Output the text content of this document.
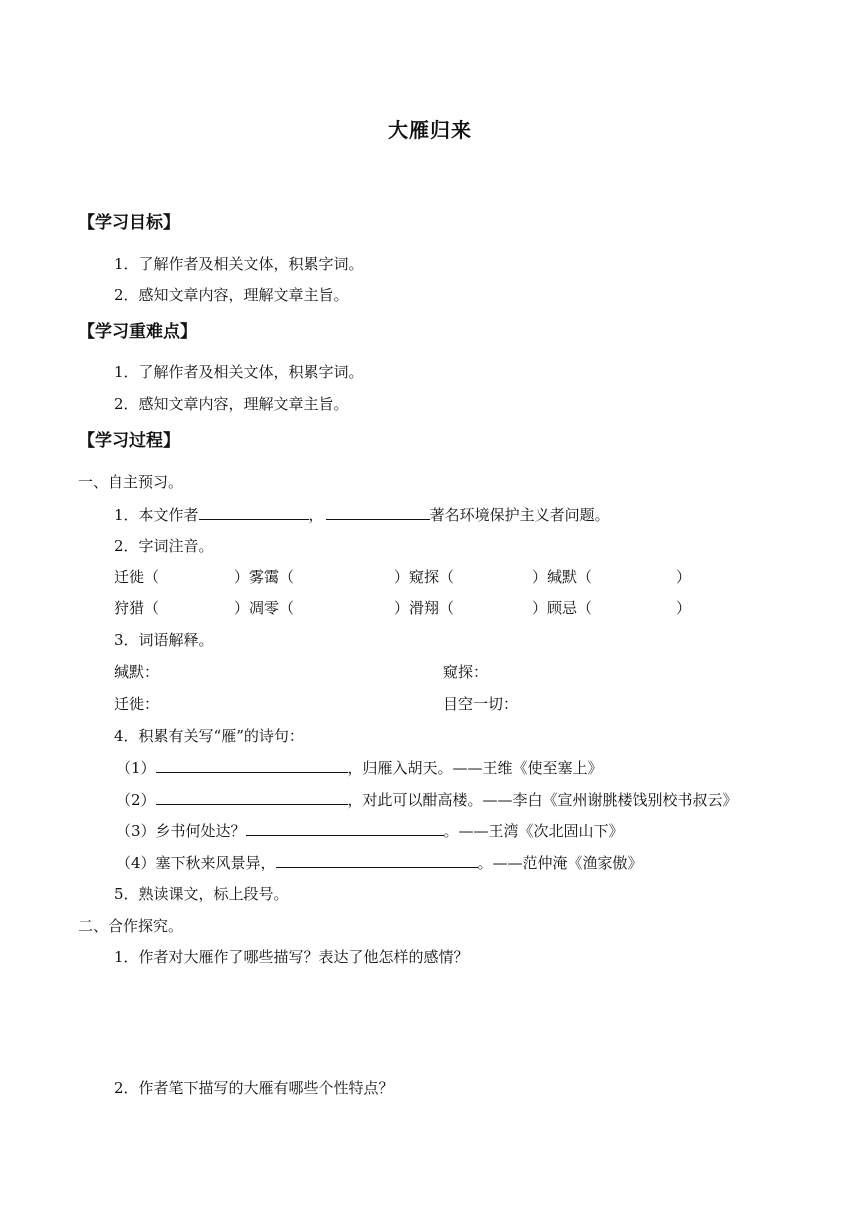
大雁归来
【学习目标】
1．了解作者及相关文体，积累字词。
2．感知文章内容，理解文章主旨。
【学习重难点】
1．了解作者及相关文体，积累字词。
2．感知文章内容，理解文章主旨。
【学习过程】
一、自主预习。
1．本文作者	，	著名环境保护主义者问题。
2．字词注音。
迁徙（	）雾霭（	）窥探（	）缄默（	）
狩猎（	）凋零（	）滑翔（	）顾忌（	）
3．词语解释。
缄默：	窥探：
迁徙：	目空一切：
4．积累有关写“雁”的诗句：
（1）	，归雁入胡天。——王维《使至塞上》
（2）	，对此可以酣高楼。——李白《宣州谢朓楼饯别校书叔云》
（3）乡书何处达？	。——王湾《次北固山下》
（4）塞下秋来风景异，	。——范仲淹《渔家傲》
5．熟读课文，标上段号。
二、合作探究。
1．作者对大雁作了哪些描写？表达了他怎样的感情？
2．作者笔下描写的大雁有哪些个性特点？
